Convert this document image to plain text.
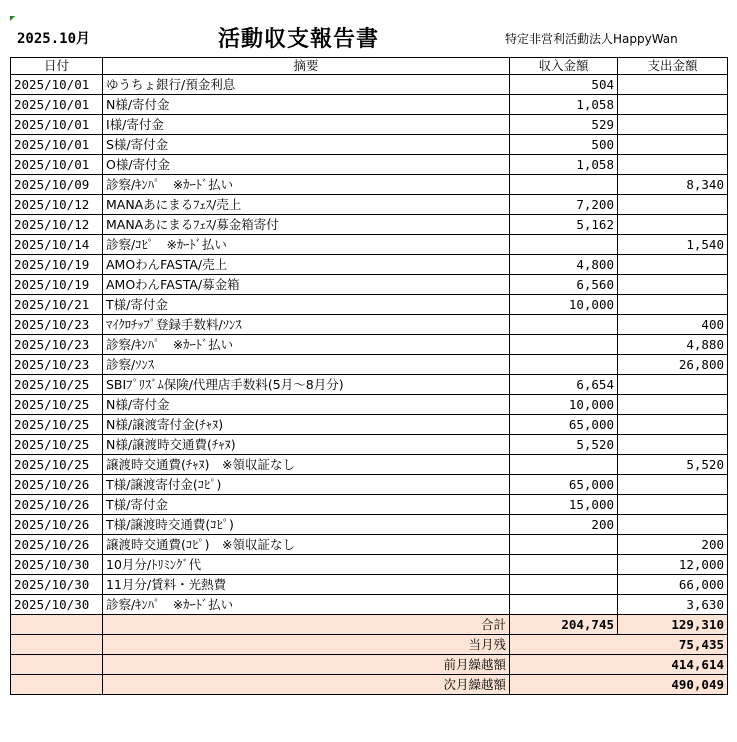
2025.10月	活動収支報告書	特定非営利活動法人HappyWan
日付	摘要	収入金額	支出金額
2025/10/01	ゆうちょ銀行/預金利息	504	
2025/10/01	N様/寄付金	1,058	
2025/10/01	I様/寄付金	529	
2025/10/01	S様/寄付金	500	
2025/10/01	O様/寄付金	1,058	
2025/10/09	診察/ｷﾝﾊﾟ　※ｶｰﾄﾞ払い		8,340
2025/10/12	MANAあにまるﾌｪｽ/売上	7,200	
2025/10/12	MANAあにまるﾌｪｽ/募金箱寄付	5,162	
2025/10/14	診察/ｺﾋﾟ　※ｶｰﾄﾞ払い		1,540
2025/10/19	AMOわんFASTA/売上	4,800	
2025/10/19	AMOわんFASTA/募金箱	6,560	
2025/10/21	T様/寄付金	10,000	
2025/10/23	ﾏｲｸﾛﾁｯﾌﾟ登録手数料/ｿﾝｽ		400
2025/10/23	診察/ｷﾝﾊﾟ　※ｶｰﾄﾞ払い		4,880
2025/10/23	診察/ｿﾝｽ		26,800
2025/10/25	SBIﾌﾟﾘｽﾞﾑ保険/代理店手数料(5月～8月分)	6,654	
2025/10/25	N様/寄付金	10,000	
2025/10/25	N様/譲渡寄付金(ﾁｬﾇ)	65,000	
2025/10/25	N様/譲渡時交通費(ﾁｬﾇ)	5,520	
2025/10/25	譲渡時交通費(ﾁｬﾇ)　※領収証なし		5,520
2025/10/26	T様/譲渡寄付金(ｺﾋﾟ)	65,000	
2025/10/26	T様/寄付金	15,000	
2025/10/26	T様/譲渡時交通費(ｺﾋﾟ)	200	
2025/10/26	譲渡時交通費(ｺﾋﾟ)　※領収証なし		200
2025/10/30	10月分/ﾄﾘﾐﾝｸﾞ代		12,000
2025/10/30	11月分/賃料・光熱費		66,000
2025/10/30	診察/ｷﾝﾊﾟ　※ｶｰﾄﾞ払い		3,630
	合計	204,745	129,310
	当月残	75,435	
	前月繰越額	414,614	
	次月繰越額	490,049	
